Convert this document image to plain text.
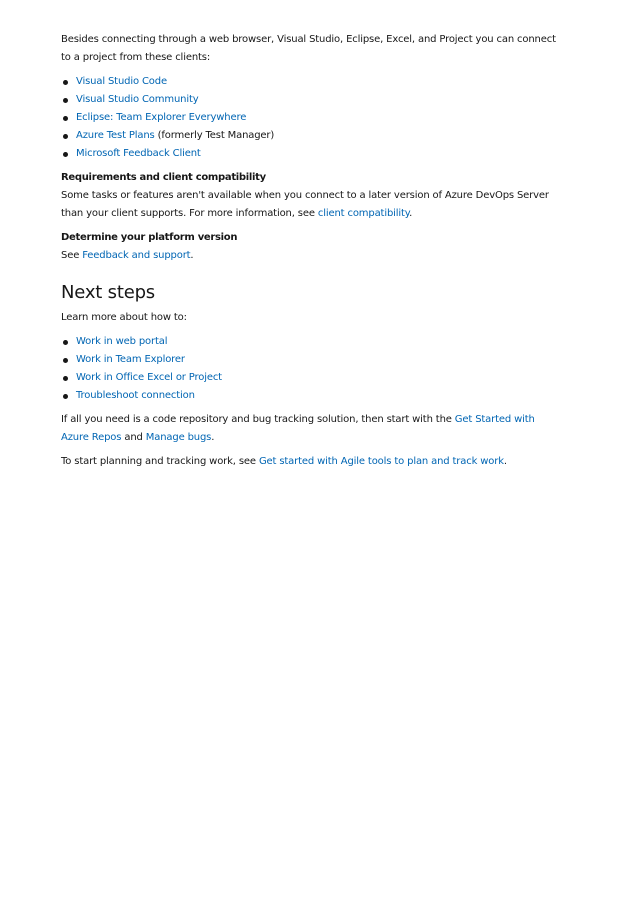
Besides connecting through a web browser, Visual Studio, Eclipse, Excel, and Project you can connect to a project from these clients:

Visual Studio Code
Visual Studio Community
Eclipse: Team Explorer Everywhere
Azure Test Plans (formerly Test Manager)
Microsoft Feedback Client
Requirements and client compatibility

Some tasks or features aren't available when you connect to a later version of Azure DevOps Server than your client supports. For more information, see client compatibility.

Determine your platform version

See Feedback and support.

Next steps

Learn more about how to:

Work in web portal
Work in Team Explorer
Work in Office Excel or Project
Troubleshoot connection

If all you need is a code repository and bug tracking solution, then start with the Get Started with Azure Repos and Manage bugs.

To start planning and tracking work, see Get started with Agile tools to plan and track work.
